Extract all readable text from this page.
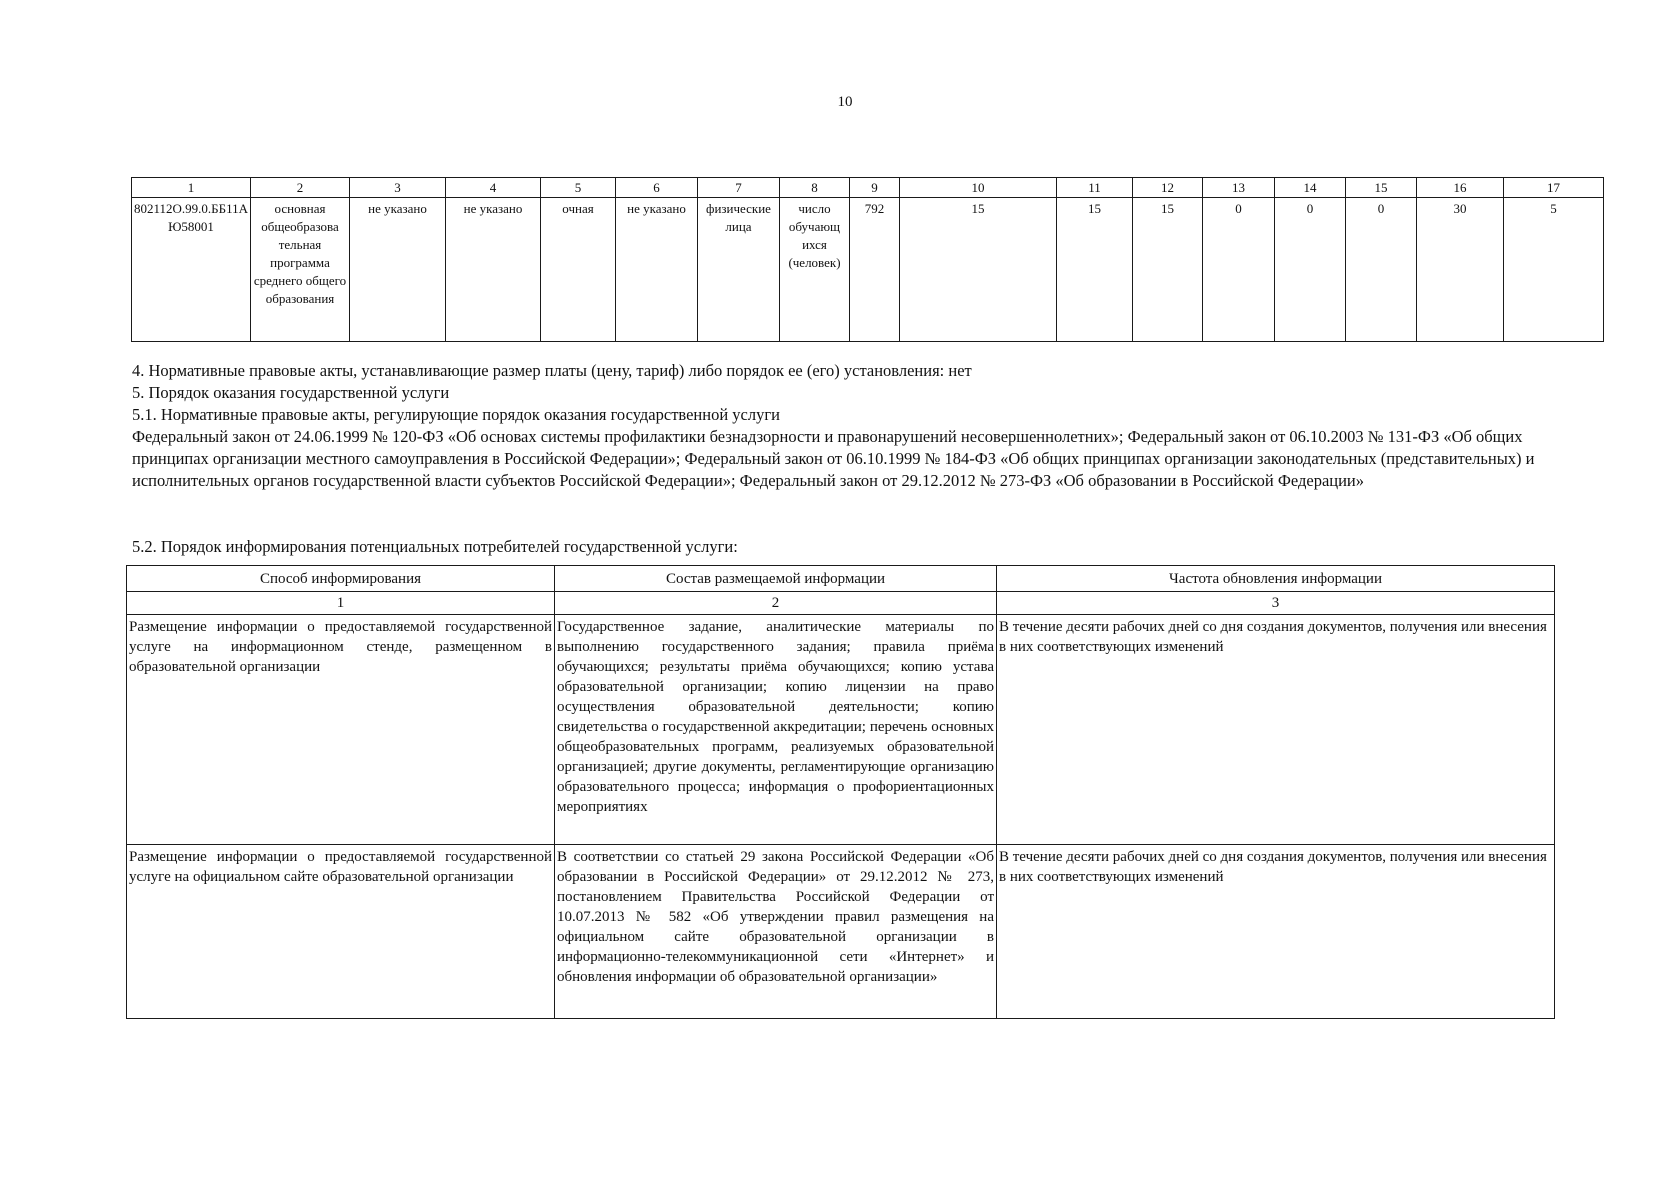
10
1	2	3	4	5	6	7	8	9	10	11	12	13	14	15	16	17
802112О.99.0.ББ11АЮ58001	основная общеобразова тельная программа среднего общего образования	не указано	не указано	очная	не указано	физические лица	число обучающ ихся (человек)	792	15	15	15	0	0	0	30	5
4. Нормативные правовые акты, устанавливающие размер платы (цену, тариф) либо порядок ее (его) установления: нет
5. Порядок оказания государственной услуги
5.1. Нормативные правовые акты, регулирующие порядок оказания государственной услуги
Федеральный закон от 24.06.1999 № 120-ФЗ «Об основах системы профилактики безнадзорности и правонарушений несовершеннолетних»; Федеральный закон от 06.10.2003 № 131-ФЗ «Об общих принципах организации местного самоуправления в Российской Федерации»; Федеральный закон от 06.10.1999 № 184-ФЗ «Об общих принципах организации законодательных (представительных) и исполнительных органов государственной власти субъектов Российской Федерации»; Федеральный закон от 29.12.2012 № 273-ФЗ «Об образовании в Российской Федерации»
5.2. Порядок информирования потенциальных потребителей государственной услуги:
Способ информирования	Состав размещаемой информации	Частота обновления информации
1	2	3
Размещение информации о предоставляемой государственной услуге на информационном стенде, размещенном в образовательной организации	Государственное задание, аналитические материалы по выполнению государственного задания; правила приёма обучающихся; результаты приёма обучающихся; копию устава образовательной организации; копию лицензии на право осуществления образовательной деятельности; копию свидетельства о государственной аккредитации; перечень основных общеобразовательных программ, реализуемых образовательной организацией; другие документы, регламентирующие организацию образовательного процесса; информация о профориентационных мероприятиях	В течение десяти рабочих дней со дня создания документов, получения или внесения в них соответствующих изменений
Размещение информации о предоставляемой государственной услуге на официальном сайте образовательной организации	В соответствии со статьей 29 закона Российской Федерации «Об образовании в Российской Федерации» от 29.12.2012 № 273, постановлением Правительства Российской Федерации от 10.07.2013 № 582 «Об утверждении правил размещения на официальном сайте образовательной организации в информационно-телекоммуникационной сети «Интернет» и обновления информации об образовательной организации»	В течение десяти рабочих дней со дня создания документов, получения или внесения в них соответствующих изменений
